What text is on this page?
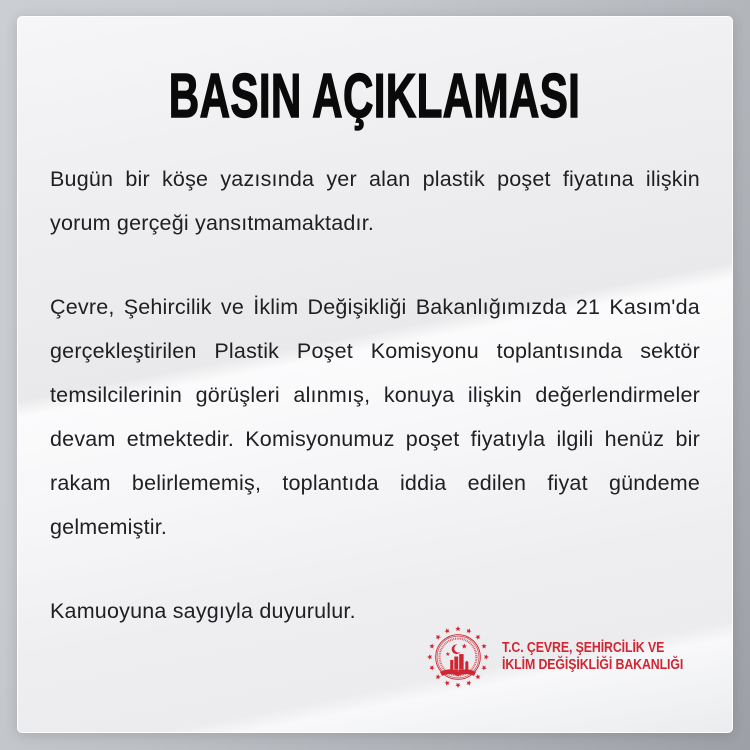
BASIN AÇIKLAMASI
Bugün bir köşe yazısında yer alan plastik poşet fiyatına ilişkin
yorum gerçeği yansıtmamaktadır.
Çevre, Şehircilik ve İklim Değişikliği Bakanlığımızda 21 Kasım'da
gerçekleştirilen Plastik Poşet Komisyonu toplantısında sektör
temsilcilerinin görüşleri alınmış, konuya ilişkin değerlendirmeler
devam etmektedir. Komisyonumuz poşet fiyatıyla ilgili henüz bir
rakam belirlememiş, toplantıda iddia edilen fiyat gündeme
gelmemiştir.
Kamuoyuna saygıyla duyurulur.
T.C. ÇEVRE, ŞEHİRCİLİK VE
İKLİM DEĞİŞİKLİĞİ BAKANLIĞI
